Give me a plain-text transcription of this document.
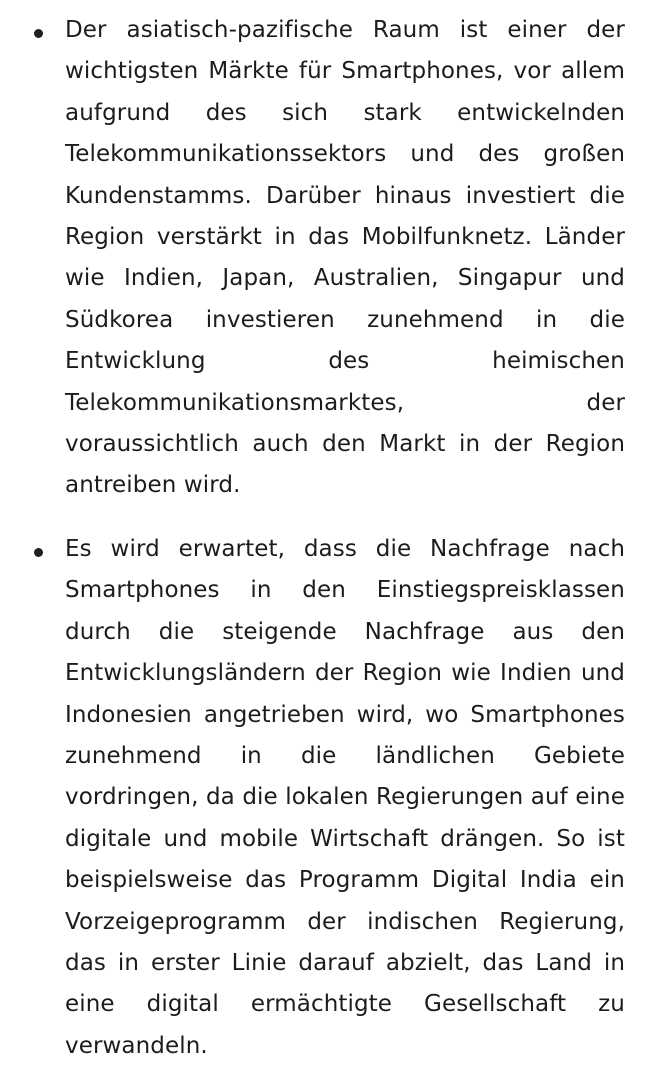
Der asiatisch-pazifische Raum ist einer der wichtigsten Märkte für Smartphones, vor allem aufgrund des sich stark entwickelnden Telekommunikationssektors und des großen Kundenstamms. Darüber hinaus investiert die Region verstärkt in das Mobilfunknetz. Länder wie Indien, Japan, Australien, Singapur und Südkorea investieren zunehmend in die Entwicklung des heimischen Telekommunikationsmarktes, der voraussichtlich auch den Markt in der Region antreiben wird.

Es wird erwartet, dass die Nachfrage nach Smartphones in den Einstiegspreisklassen durch die steigende Nachfrage aus den Entwicklungsländern der Region wie Indien und Indonesien angetrieben wird, wo Smartphones zunehmend in die ländlichen Gebiete vordringen, da die lokalen Regierungen auf eine digitale und mobile Wirtschaft drängen. So ist beispielsweise das Programm Digital India ein Vorzeigeprogramm der indischen Regierung, das in erster Linie darauf abzielt, das Land in eine digital ermächtigte Gesellschaft zu verwandeln.
